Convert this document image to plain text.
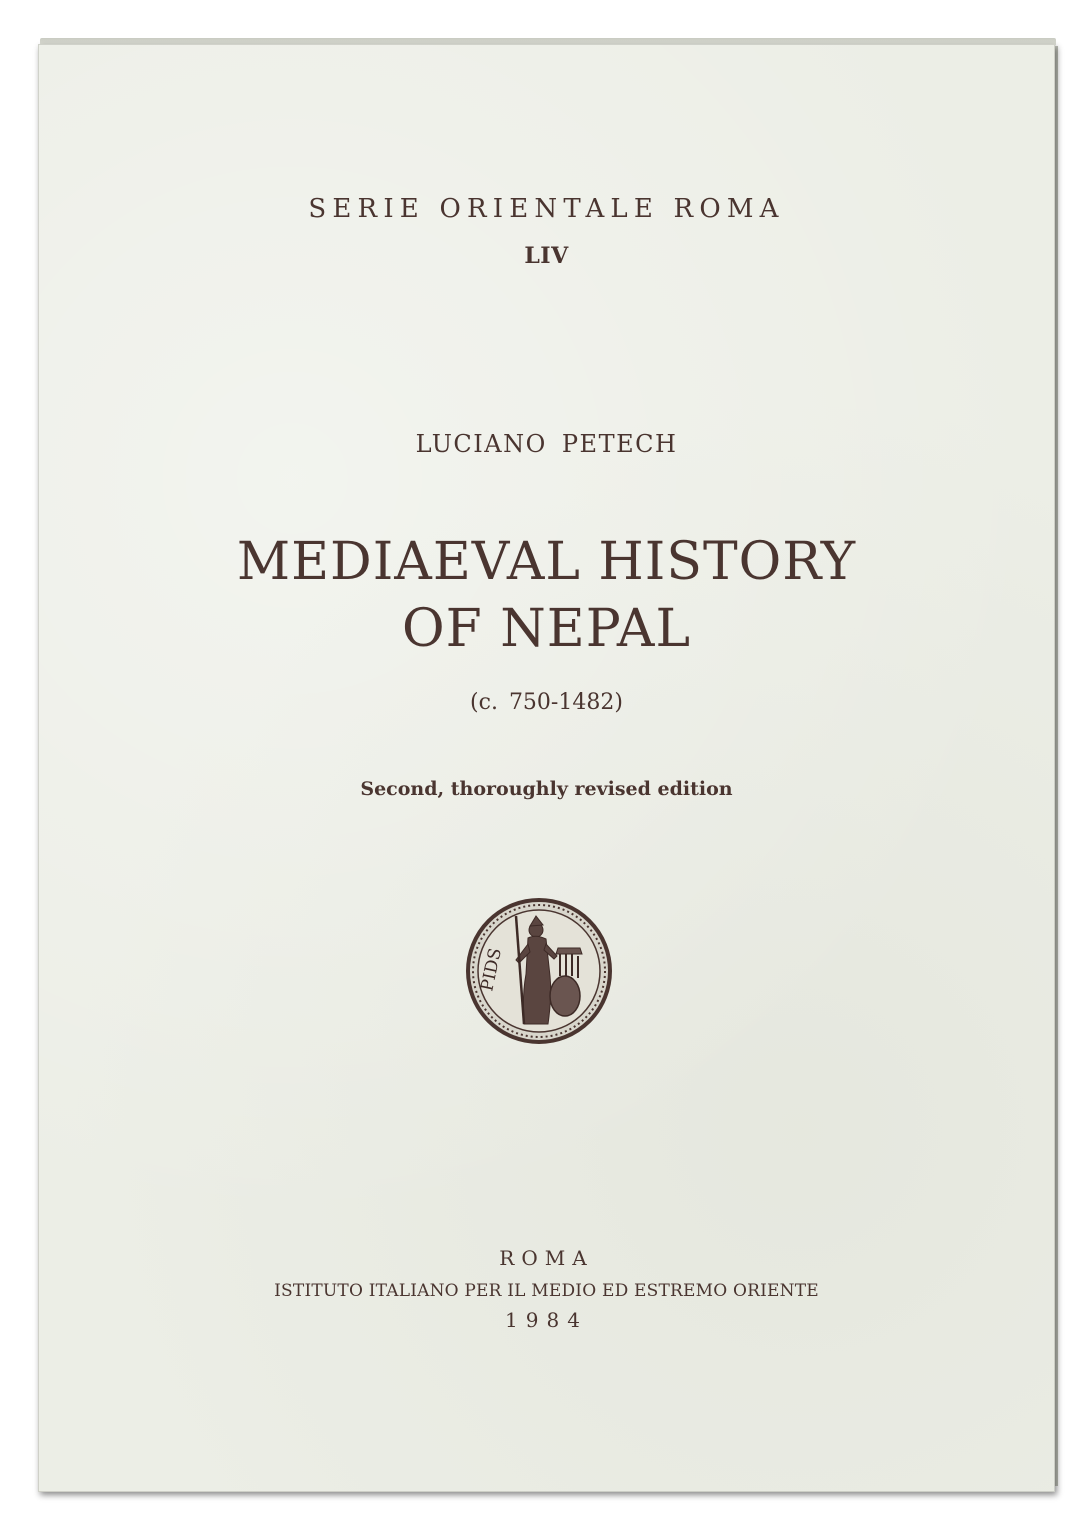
SERIE ORIENTALE ROMA
LIV
LUCIANO PETECH
MEDIAEVAL HISTORY
OF NEPAL
(c. 750-1482)
Second, thoroughly revised edition
PIDS
ROMA
ISTITUTO ITALIANO PER IL MEDIO ED ESTREMO ORIENTE
1984
